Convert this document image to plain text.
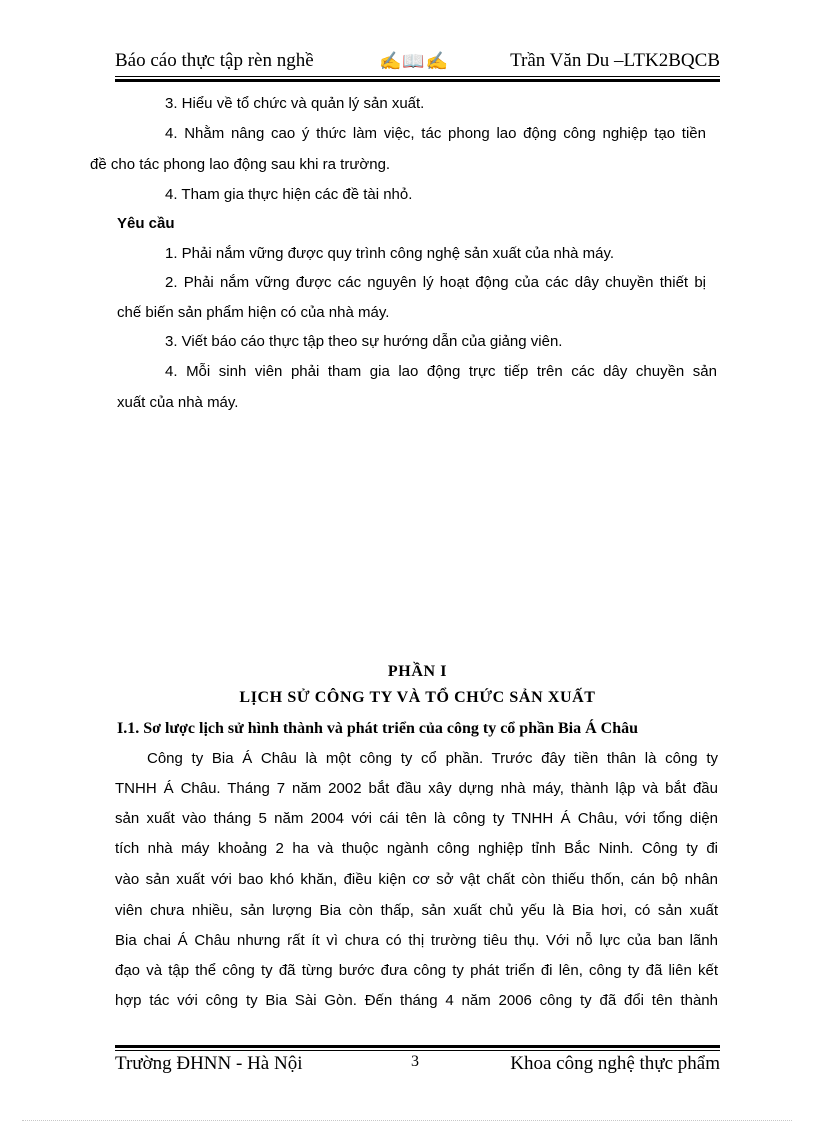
Báo cáo thực tập rèn nghề	✍📖✍	Trần Văn Du –LTK2BQCB
3. Hiểu về tổ chức và quản lý sản xuất.
4. Nhằm nâng cao ý thức làm việc, tác phong lao động công nghiệp tạo tiền
đề cho tác phong lao động sau khi ra trường.
4. Tham gia thực hiện các đề tài nhỏ.
Yêu cầu
1. Phải nắm vững được quy trình công nghệ sản xuất của nhà máy.
2. Phải nắm vững được các nguyên lý hoạt động của các dây chuyền thiết bị
chế biến sản phẩm hiện có của nhà máy.
3. Viết báo cáo thực tập theo sự hướng dẫn của giảng viên.
4. Mỗi sinh viên phải tham gia lao động trực tiếp trên các dây chuyền sản
xuất của nhà máy.
PHẦN I
LỊCH SỬ CÔNG TY VÀ TỔ CHỨC SẢN XUẤT
I.1. Sơ lược lịch sử hình thành và phát triển của công ty cổ phần Bia Á Châu
Công ty Bia Á Châu là một công ty cổ phần. Trước đây tiền thân là công ty
TNHH Á Châu. Tháng 7 năm 2002 bắt đầu xây dựng nhà máy, thành lập và bắt đầu
sản xuất vào tháng 5 năm 2004 với cái tên là công ty TNHH Á Châu, với tổng diện
tích nhà máy khoảng 2 ha và thuộc ngành công nghiệp tỉnh Bắc Ninh. Công ty đi
vào sản xuất với bao khó khăn, điều kiện cơ sở vật chất còn thiếu thốn, cán bộ nhân
viên chưa nhiều, sản lượng Bia còn thấp, sản xuất chủ yếu là Bia hơi, có sản xuất
Bia chai Á Châu nhưng rất ít vì chưa có thị trường tiêu thụ. Với nỗ lực của ban lãnh
đạo và tập thể công ty đã từng bước đưa công ty phát triển đi lên, công ty đã liên kết
hợp tác với công ty Bia Sài Gòn. Đến tháng 4 năm 2006 công ty đã đổi tên thành
Trường ĐHNN - Hà Nội	3	Khoa công nghệ thực phẩm
